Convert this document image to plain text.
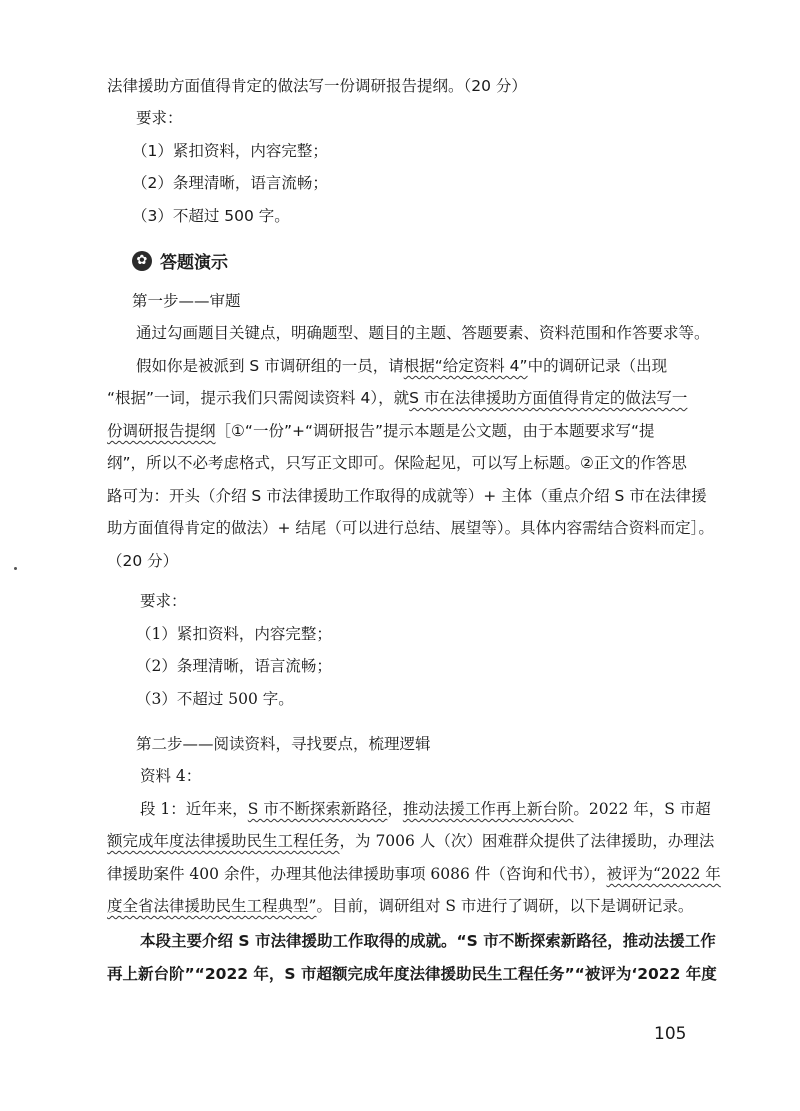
法律援助方面值得肯定的做法写一份调研报告提纲。（20 分）
要求：
（1）紧扣资料，内容完整；
（2）条理清晰，语言流畅；
（3）不超过 500 字。
✿ 答题演示
第一步——审题
通过勾画题目关键点，明确题型、题目的主题、答题要素、资料范围和作答要求等。
假如你是被派到 S 市调研组的一员，请根据“给定资料 4”中的调研记录（出现
“根据”一词，提示我们只需阅读资料 4），就S 市在法律援助方面值得肯定的做法写一
份调研报告提纲［①“一份”+“调研报告”提示本题是公文题，由于本题要求写“提
纲”，所以不必考虑格式，只写正文即可。保险起见，可以写上标题。②正文的作答思
路可为：开头（介绍 S 市法律援助工作取得的成就等）+ 主体（重点介绍 S 市在法律援
助方面值得肯定的做法）+ 结尾（可以进行总结、展望等）。具体内容需结合资料而定］。
（20 分）
要求：
（1）紧扣资料，内容完整；
（2）条理清晰，语言流畅；
（3）不超过 500 字。
第二步——阅读资料，寻找要点，梳理逻辑
资料 4：
段 1：近年来，S 市不断探索新路径，推动法援工作再上新台阶。2022 年，S 市超
额完成年度法律援助民生工程任务，为 7006 人（次）困难群众提供了法律援助，办理法
律援助案件 400 余件，办理其他法律援助事项 6086 件（咨询和代书），被评为“2022 年
度全省法律援助民生工程典型”。目前，调研组对 S 市进行了调研，以下是调研记录。
本段主要介绍 S 市法律援助工作取得的成就。“S 市不断探索新路径，推动法援工作
再上新台阶”“2022 年，S 市超额完成年度法律援助民生工程任务”“被评为‘2022 年度
105
